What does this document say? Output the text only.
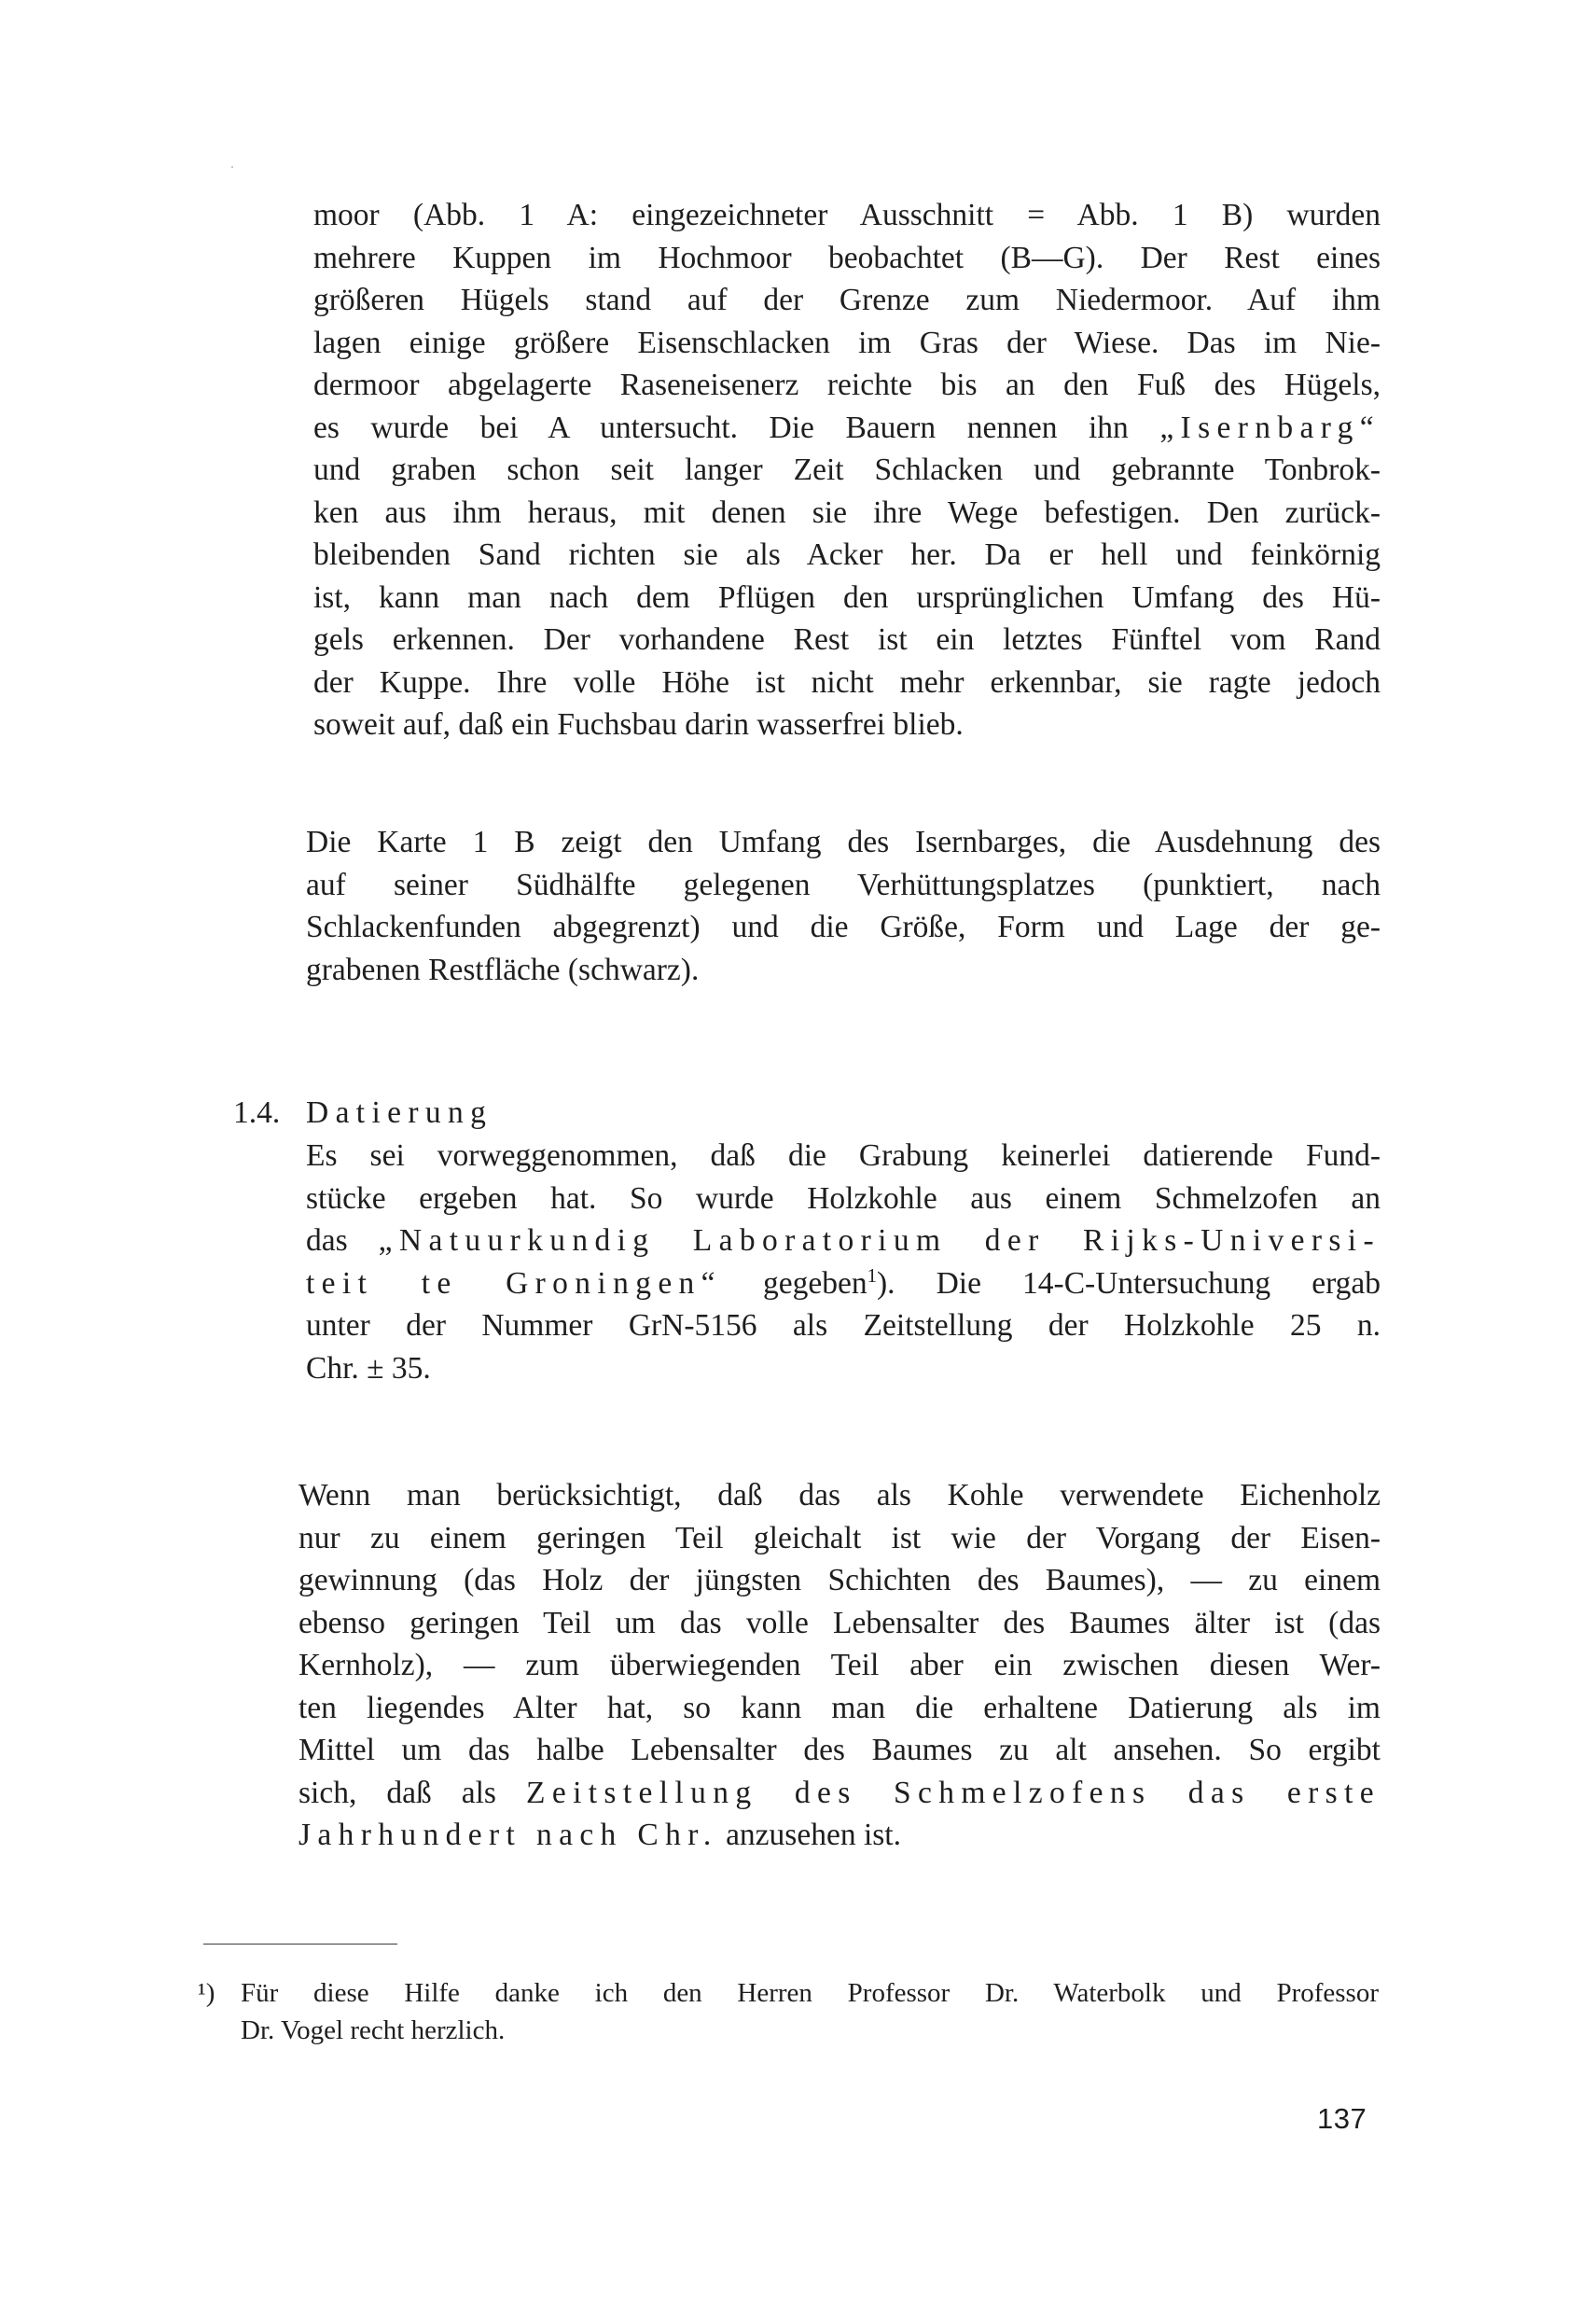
moor (Abb. 1 A: eingezeichneter Ausschnitt = Abb. 1 B) wurden
mehrere Kuppen im Hochmoor beobachtet (B—G). Der Rest eines
größeren Hügels stand auf der Grenze zum Niedermoor. Auf ihm
lagen einige größere Eisenschlacken im Gras der Wiese. Das im Nie-
dermoor abgelagerte Raseneisenerz reichte bis an den Fuß des Hügels,
es wurde bei A untersucht. Die Bauern nennen ihn „Isernbarg“
und graben schon seit langer Zeit Schlacken und gebrannte Tonbrok-
ken aus ihm heraus, mit denen sie ihre Wege befestigen. Den zurück-
bleibenden Sand richten sie als Acker her. Da er hell und feinkörnig
ist, kann man nach dem Pflügen den ursprünglichen Umfang des Hü-
gels erkennen. Der vorhandene Rest ist ein letztes Fünftel vom Rand
der Kuppe. Ihre volle Höhe ist nicht mehr erkennbar, sie ragte jedoch
soweit auf, daß ein Fuchsbau darin wasserfrei blieb.
Die Karte 1 B zeigt den Umfang des Isernbarges, die Ausdehnung des
auf seiner Südhälfte gelegenen Verhüttungsplatzes (punktiert, nach
Schlackenfunden abgegrenzt) und die Größe, Form und Lage der ge-
grabenen Restfläche (schwarz).
1.4. Datierung
Es sei vorweggenommen, daß die Grabung keinerlei datierende Fund-
stücke ergeben hat. So wurde Holzkohle aus einem Schmelzofen an
das „Natuurkundig Laboratorium der Rijks-Universi-
teit te Groningen“ gegeben$^1$). Die 14-C-Untersuchung ergab
unter der Nummer GrN-5156 als Zeitstellung der Holzkohle 25 n.
Chr. ± 35.
Wenn man berücksichtigt, daß das als Kohle verwendete Eichenholz
nur zu einem geringen Teil gleichalt ist wie der Vorgang der Eisen-
gewinnung (das Holz der jüngsten Schichten des Baumes), — zu einem
ebenso geringen Teil um das volle Lebensalter des Baumes älter ist (das
Kernholz), — zum überwiegenden Teil aber ein zwischen diesen Wer-
ten liegendes Alter hat, so kann man die erhaltene Datierung als im
Mittel um das halbe Lebensalter des Baumes zu alt ansehen. So ergibt
sich, daß als Zeitstellung des Schmelzofens das erste
Jahrhundert nach Chr. anzusehen ist.
¹) Für diese Hilfe danke ich den Herren Professor Dr. Waterbolk und Professor
Dr. Vogel recht herzlich.
137
